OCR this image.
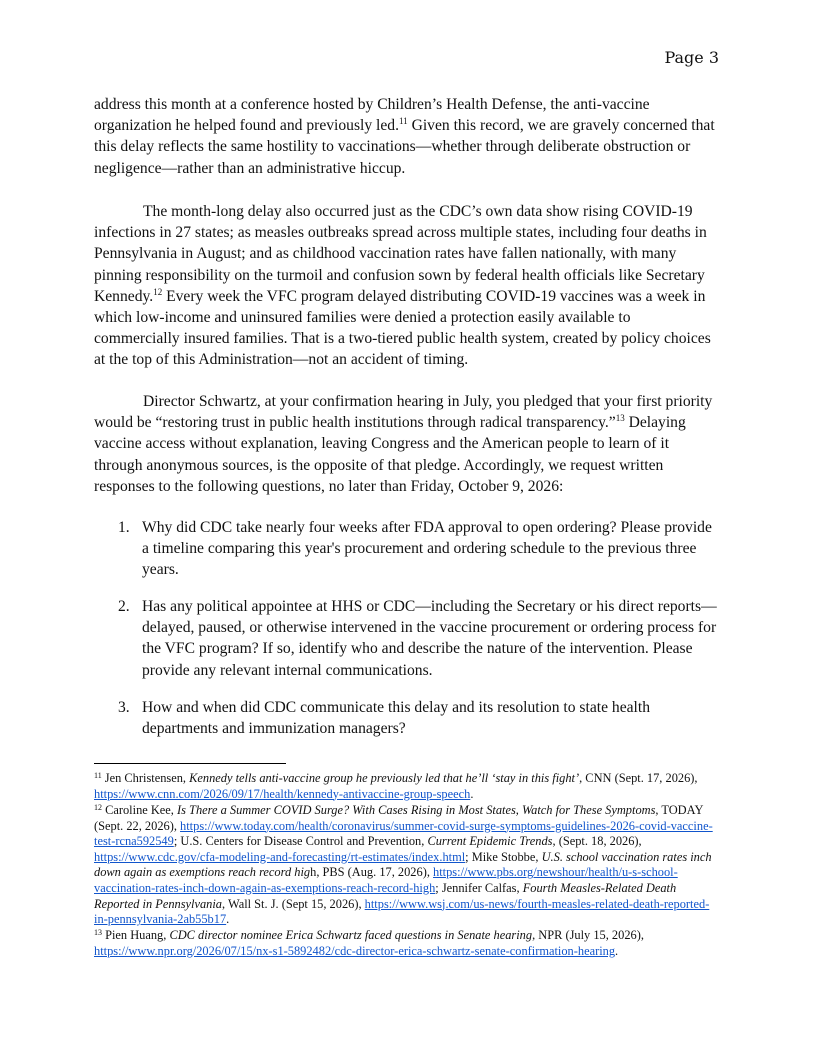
Page 3

address this month at a conference hosted by Children’s Health Defense, the anti-vaccine organization he helped found and previously led.$^{11}$ Given this record, we are gravely concerned that this delay reflects the same hostility to vaccinations—whether through deliberate obstruction or negligence—rather than an administrative hiccup.

The month-long delay also occurred just as the CDC’s own data show rising COVID-19 infections in 27 states; as measles outbreaks spread across multiple states, including four deaths in Pennsylvania in August; and as childhood vaccination rates have fallen nationally, with many pinning responsibility on the turmoil and confusion sown by federal health officials like Secretary Kennedy.$^{12}$ Every week the VFC program delayed distributing COVID-19 vaccines was a week in which low-income and uninsured families were denied a protection easily available to commercially insured families. That is a two-tiered public health system, created by policy choices at the top of this Administration—not an accident of timing.

Director Schwartz, at your confirmation hearing in July, you pledged that your first priority would be “restoring trust in public health institutions through radical transparency.”$^{13}$ Delaying vaccine access without explanation, leaving Congress and the American people to learn of it through anonymous sources, is the opposite of that pledge. Accordingly, we request written responses to the following questions, no later than Friday, October 9, 2026:

1. Why did CDC take nearly four weeks after FDA approval to open ordering? Please provide a timeline comparing this year's procurement and ordering schedule to the previous three years.
2. Has any political appointee at HHS or CDC—including the Secretary or his direct reports—delayed, paused, or otherwise intervened in the vaccine procurement or ordering process for the VFC program? If so, identify who and describe the nature of the intervention. Please provide any relevant internal communications.
3. How and when did CDC communicate this delay and its resolution to state health departments and immunization managers?

$^{11}$ Jen Christensen, Kennedy tells anti-vaccine group he previously led that he’ll ‘stay in this fight’, CNN (Sept. 17, 2026), https://www.cnn.com/2026/09/17/health/kennedy-antivaccine-group-speech.

$^{12}$ Caroline Kee, Is There a Summer COVID Surge? With Cases Rising in Most States, Watch for These Symptoms, TODAY (Sept. 22, 2026), https://www.today.com/health/coronavirus/summer-covid-surge-symptoms-guidelines-2026-covid-vaccine-test-rcna592549; U.S. Centers for Disease Control and Prevention, Current Epidemic Trends, (Sept. 18, 2026), https://www.cdc.gov/cfa-modeling-and-forecasting/rt-estimates/index.html; Mike Stobbe, U.S. school vaccination rates inch down again as exemptions reach record high, PBS (Aug. 17, 2026), https://www.pbs.org/newshour/health/u-s-school-vaccination-rates-inch-down-again-as-exemptions-reach-record-high; Jennifer Calfas, Fourth Measles-Related Death Reported in Pennsylvania, Wall St. J. (Sept 15, 2026), https://www.wsj.com/us-news/fourth-measles-related-death-reported-in-pennsylvania-2ab55b17.

$^{13}$ Pien Huang, CDC director nominee Erica Schwartz faced questions in Senate hearing, NPR (July 15, 2026), https://www.npr.org/2026/07/15/nx-s1-5892482/cdc-director-erica-schwartz-senate-confirmation-hearing.
